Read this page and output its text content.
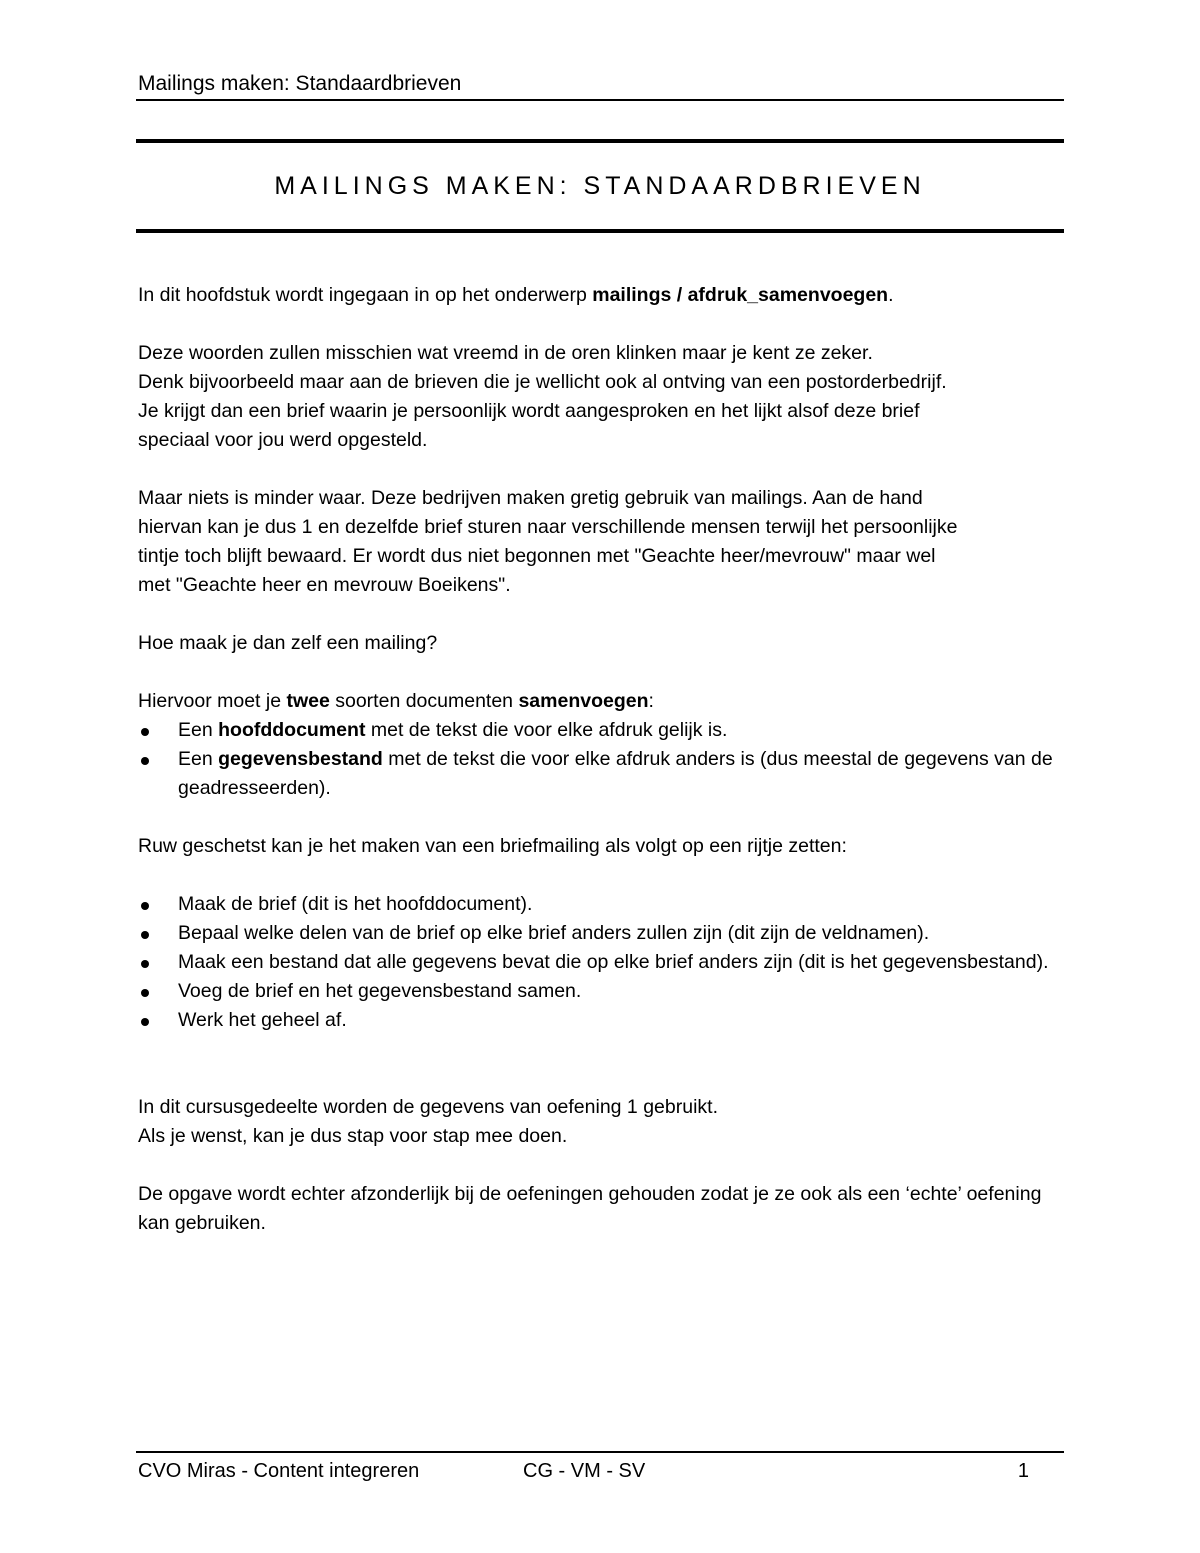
Mailings maken: Standaardbrieven
MAILINGS MAKEN: STANDAARDBRIEVEN

In dit hoofdstuk wordt ingegaan in op het onderwerp mailings / afdruk_samenvoegen.

Deze woorden zullen misschien wat vreemd in de oren klinken maar je kent ze zeker.
Denk bijvoorbeeld maar aan de brieven die je wellicht ook al ontving van een postorderbedrijf.
Je krijgt dan een brief waarin je persoonlijk wordt aangesproken en het lijkt alsof deze brief
speciaal voor jou werd opgesteld.

Maar niets is minder waar. Deze bedrijven maken gretig gebruik van mailings. Aan de hand
hiervan kan je dus 1 en dezelfde brief sturen naar verschillende mensen terwijl het persoonlijke
tintje toch blijft bewaard. Er wordt dus niet begonnen met "Geachte heer/mevrouw" maar wel
met "Geachte heer en mevrouw Boeikens".

Hoe maak je dan zelf een mailing?

Hiervoor moet je twee soorten documenten samenvoegen:

Een hoofddocument met de tekst die voor elke afdruk gelijk is.
Een gegevensbestand met de tekst die voor elke afdruk anders is (dus meestal de gegevens van de geadresseerden).

Ruw geschetst kan je het maken van een briefmailing als volgt op een rijtje zetten:

Maak de brief (dit is het hoofddocument).
Bepaal welke delen van de brief op elke brief anders zullen zijn (dit zijn de veldnamen).
Maak een bestand dat alle gegevens bevat die op elke brief anders zijn (dit is het gegevensbestand).
Voeg de brief en het gegevensbestand samen.
Werk het geheel af.

In dit cursusgedeelte worden de gegevens van oefening 1 gebruikt.
Als je wenst, kan je dus stap voor stap mee doen.

De opgave wordt echter afzonderlijk bij de oefeningen gehouden zodat je ze ook als een ‘echte’ oefening kan gebruiken.

CVO Miras - Content integreren	CG - VM - SV	1
